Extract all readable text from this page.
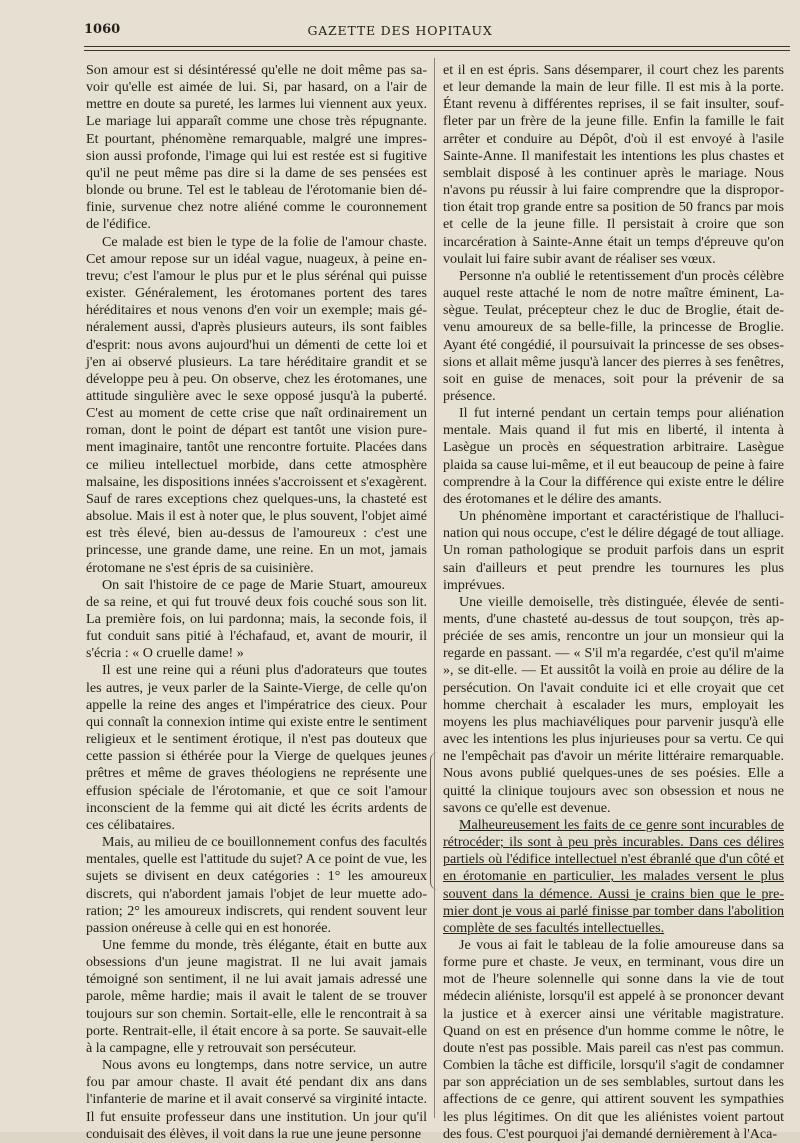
1060	GAZETTE DES HOPITAUX

Son amour est si désintéressé qu'elle ne doit même pas savoir qu'elle est aimée de lui. Si, par hasard, on a l'air de mettre en doute sa pureté, les larmes lui viennent aux yeux. Le mariage lui apparaît comme une chose très répugnante. Et pourtant, phénomène remarquable, malgré une impression aussi profonde, l'image qui lui est restée est si fugitive qu'il ne peut même pas dire si la dame de ses pensées est blonde ou brune. Tel est le tableau de l'érotomanie bien définie, survenue chez notre aliéné comme le couronnement de l'édifice.

Ce malade est bien le type de la folie de l'amour chaste. Cet amour repose sur un idéal vague, nuageux, à peine entrevu; c'est l'amour le plus pur et le plus sérénal qui puisse exister. Généralement, les érotomanes portent des tares héréditaires et nous venons d'en voir un exemple; mais généralement aussi, d'après plusieurs auteurs, ils sont faibles d'esprit: nous avons aujourd'hui un démenti de cette loi et j'en ai observé plusieurs. La tare héréditaire grandit et se développe peu à peu. On observe, chez les érotomanes, une attitude singulière avec le sexe opposé jusqu'à la puberté. C'est au moment de cette crise que naît ordinairement un roman, dont le point de départ est tantôt une vision purement imaginaire, tantôt une rencontre fortuite. Placées dans ce milieu intellectuel morbide, dans cette atmosphère malsaine, les dispositions innées s'accroissent et s'exagèrent. Sauf de rares exceptions chez quelques-uns, la chasteté est absolue. Mais il est à noter que, le plus souvent, l'objet aimé est très élevé, bien au-dessus de l'amoureux : c'est une princesse, une grande dame, une reine. En un mot, jamais érotomane ne s'est épris de sa cuisinière.

On sait l'histoire de ce page de Marie Stuart, amoureux de sa reine, et qui fut trouvé deux fois couché sous son lit. La première fois, on lui pardonna; mais, la seconde fois, il fut conduit sans pitié à l'échafaud, et, avant de mourir, il s'écria : « O cruelle dame! »

Il est une reine qui a réuni plus d'adorateurs que toutes les autres, je veux parler de la Sainte-Vierge, de celle qu'on appelle la reine des anges et l'impératrice des cieux. Pour qui connaît la connexion intime qui existe entre le sentiment religieux et le sentiment érotique, il n'est pas douteux que cette passion si éthérée pour la Vierge de quelques jeunes prêtres et même de graves théologiens ne représente une effusion spéciale de l'érotomanie, et que ce soit l'amour inconscient de la femme qui ait dicté les écrits ardents de ces célibataires.

Mais, au milieu de ce bouillonnement confus des facultés mentales, quelle est l'attitude du sujet? A ce point de vue, les sujets se divisent en deux catégories : 1° les amoureux discrets, qui n'abordent jamais l'objet de leur muette adoration; 2° les amoureux indiscrets, qui rendent souvent leur passion onéreuse à celle qui en est honorée.

Une femme du monde, très élégante, était en butte aux obsessions d'un jeune magistrat. Il ne lui avait jamais témoigné son sentiment, il ne lui avait jamais adressé une parole, même hardie; mais il avait le talent de se trouver toujours sur son chemin. Sortait-elle, elle le rencontrait à sa porte. Rentrait-elle, il était encore à sa porte. Se sauvait-elle à la campagne, elle y retrouvait son persécuteur.

Nous avons eu longtemps, dans notre service, un autre fou par amour chaste. Il avait été pendant dix ans dans l'infanterie de marine et il avait conservé sa virginité intacte. Il fut ensuite professeur dans une institution. Un jour qu'il conduisait des élèves, il voit dans la rue une jeune personne

et il en est épris. Sans désemparer, il court chez les parents et leur demande la main de leur fille. Il est mis à la porte. Étant revenu à différentes reprises, il se fait insulter, souffleter par un frère de la jeune fille. Enfin la famille le fait arrêter et conduire au Dépôt, d'où il est envoyé à l'asile Sainte-Anne. Il manifestait les intentions les plus chastes et semblait disposé à les continuer après le mariage. Nous n'avons pu réussir à lui faire comprendre que la disproportion était trop grande entre sa position de 50 francs par mois et celle de la jeune fille. Il persistait à croire que son incarcération à Sainte-Anne était un temps d'épreuve qu'on voulait lui faire subir avant de réaliser ses vœux.

Personne n'a oublié le retentissement d'un procès célèbre auquel reste attaché le nom de notre maître éminent, Lasègue. Teulat, précepteur chez le duc de Broglie, était devenu amoureux de sa belle-fille, la princesse de Broglie. Ayant été congédié, il poursuivait la princesse de ses obsessions et allait même jusqu'à lancer des pierres à ses fenêtres, soit en guise de menaces, soit pour la prévenir de sa présence.

Il fut interné pendant un certain temps pour aliénation mentale. Mais quand il fut mis en liberté, il intenta à Lasègue un procès en séquestration arbitraire. Lasègue plaida sa cause lui-même, et il eut beaucoup de peine à faire comprendre à la Cour la différence qui existe entre le délire des érotomanes et le délire des amants.

Un phénomène important et caractéristique de l'hallucination qui nous occupe, c'est le délire dégagé de tout alliage. Un roman pathologique se produit parfois dans un esprit sain d'ailleurs et peut prendre les tournures les plus imprévues.

Une vieille demoiselle, très distinguée, élevée de sentiments, d'une chasteté au-dessus de tout soupçon, très appréciée de ses amis, rencontre un jour un monsieur qui la regarde en passant. — « S'il m'a regardée, c'est qu'il m'aime », se dit-elle. — Et aussitôt la voilà en proie au délire de la persécution. On l'avait conduite ici et elle croyait que cet homme cherchait à escalader les murs, employait les moyens les plus machiavéliques pour parvenir jusqu'à elle avec les intentions les plus injurieuses pour sa vertu. Ce qui ne l'empêchait pas d'avoir un mérite littéraire remarquable. Nous avons publié quelques-unes de ses poésies. Elle a quitté la clinique toujours avec son obsession et nous ne savons ce qu'elle est devenue.

Malheureusement les faits de ce genre sont incurables de rétrocéder; ils sont à peu près incurables. Dans ces délires partiels où l'édifice intellectuel n'est ébranlé que d'un côté et en érotomanie en particulier, les malades versent le plus souvent dans la démence. Aussi je crains bien que le premier dont je vous ai parlé finisse par tomber dans l'abolition complète de ses facultés intellectuelles.

Je vous ai fait le tableau de la folie amoureuse dans sa forme pure et chaste. Je veux, en terminant, vous dire un mot de l'heure solennelle qui sonne dans la vie de tout médecin aliéniste, lorsqu'il est appelé à se prononcer devant la justice et à exercer ainsi une véritable magistrature. Quand on est en présence d'un homme comme le nôtre, le doute n'est pas possible. Mais pareil cas n'est pas commun. Combien la tâche est difficile, lorsqu'il s'agit de condamner par son appréciation un de ses semblables, surtout dans les affections de ce genre, qui attirent souvent les sympathies les plus légitimes. On dit que les aliénistes voient partout des fous. C'est pourquoi j'ai demandé dernièrement à l'Aca-
